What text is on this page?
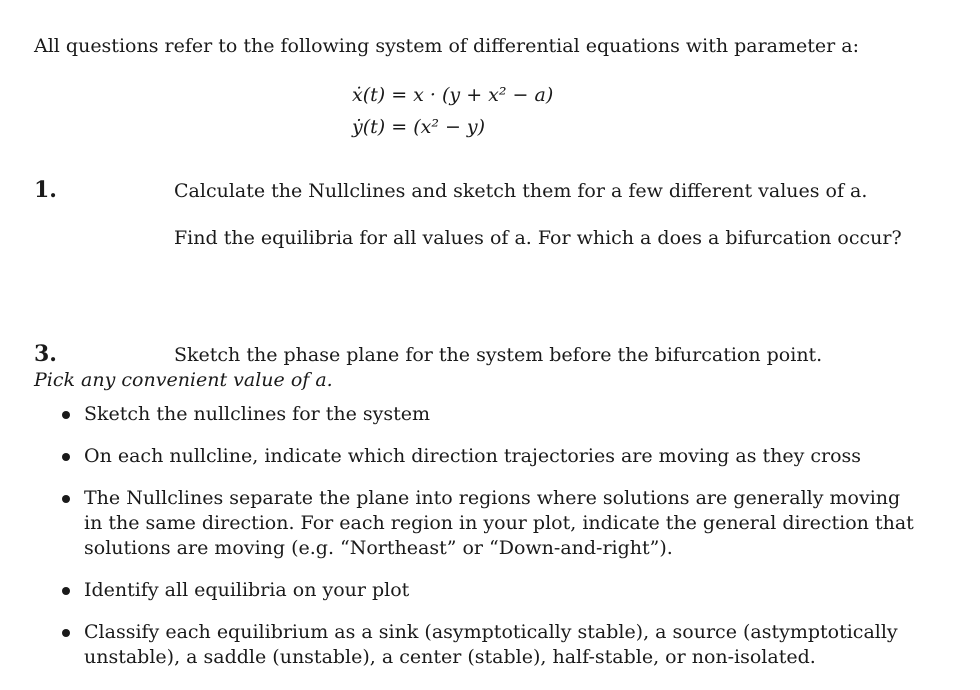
All questions refer to the following system of differential equations with parameter a:
ẋ(t) = x · (y + x² − a)
ẏ(t) = (x² − y)
1.	Calculate the Nullclines and sketch them for a few different values of a.
Find the equilibria for all values of a. For which a does a bifurcation occur?
3.	Sketch the phase plane for the system before the bifurcation point.
Pick any convenient value of a.
Sketch the nullclines for the system
On each nullcline, indicate which direction trajectories are moving as they cross
The Nullclines separate the plane into regions where solutions are generally moving in the same direction. For each region in your plot, indicate the general direction that solutions are moving (e.g. “Northeast” or “Down-and-right”).
Identify all equilibria on your plot
Classify each equilibrium as a sink (asymptotically stable), a source (astymptotically unstable), a saddle (unstable), a center (stable), half-stable, or non-isolated.
